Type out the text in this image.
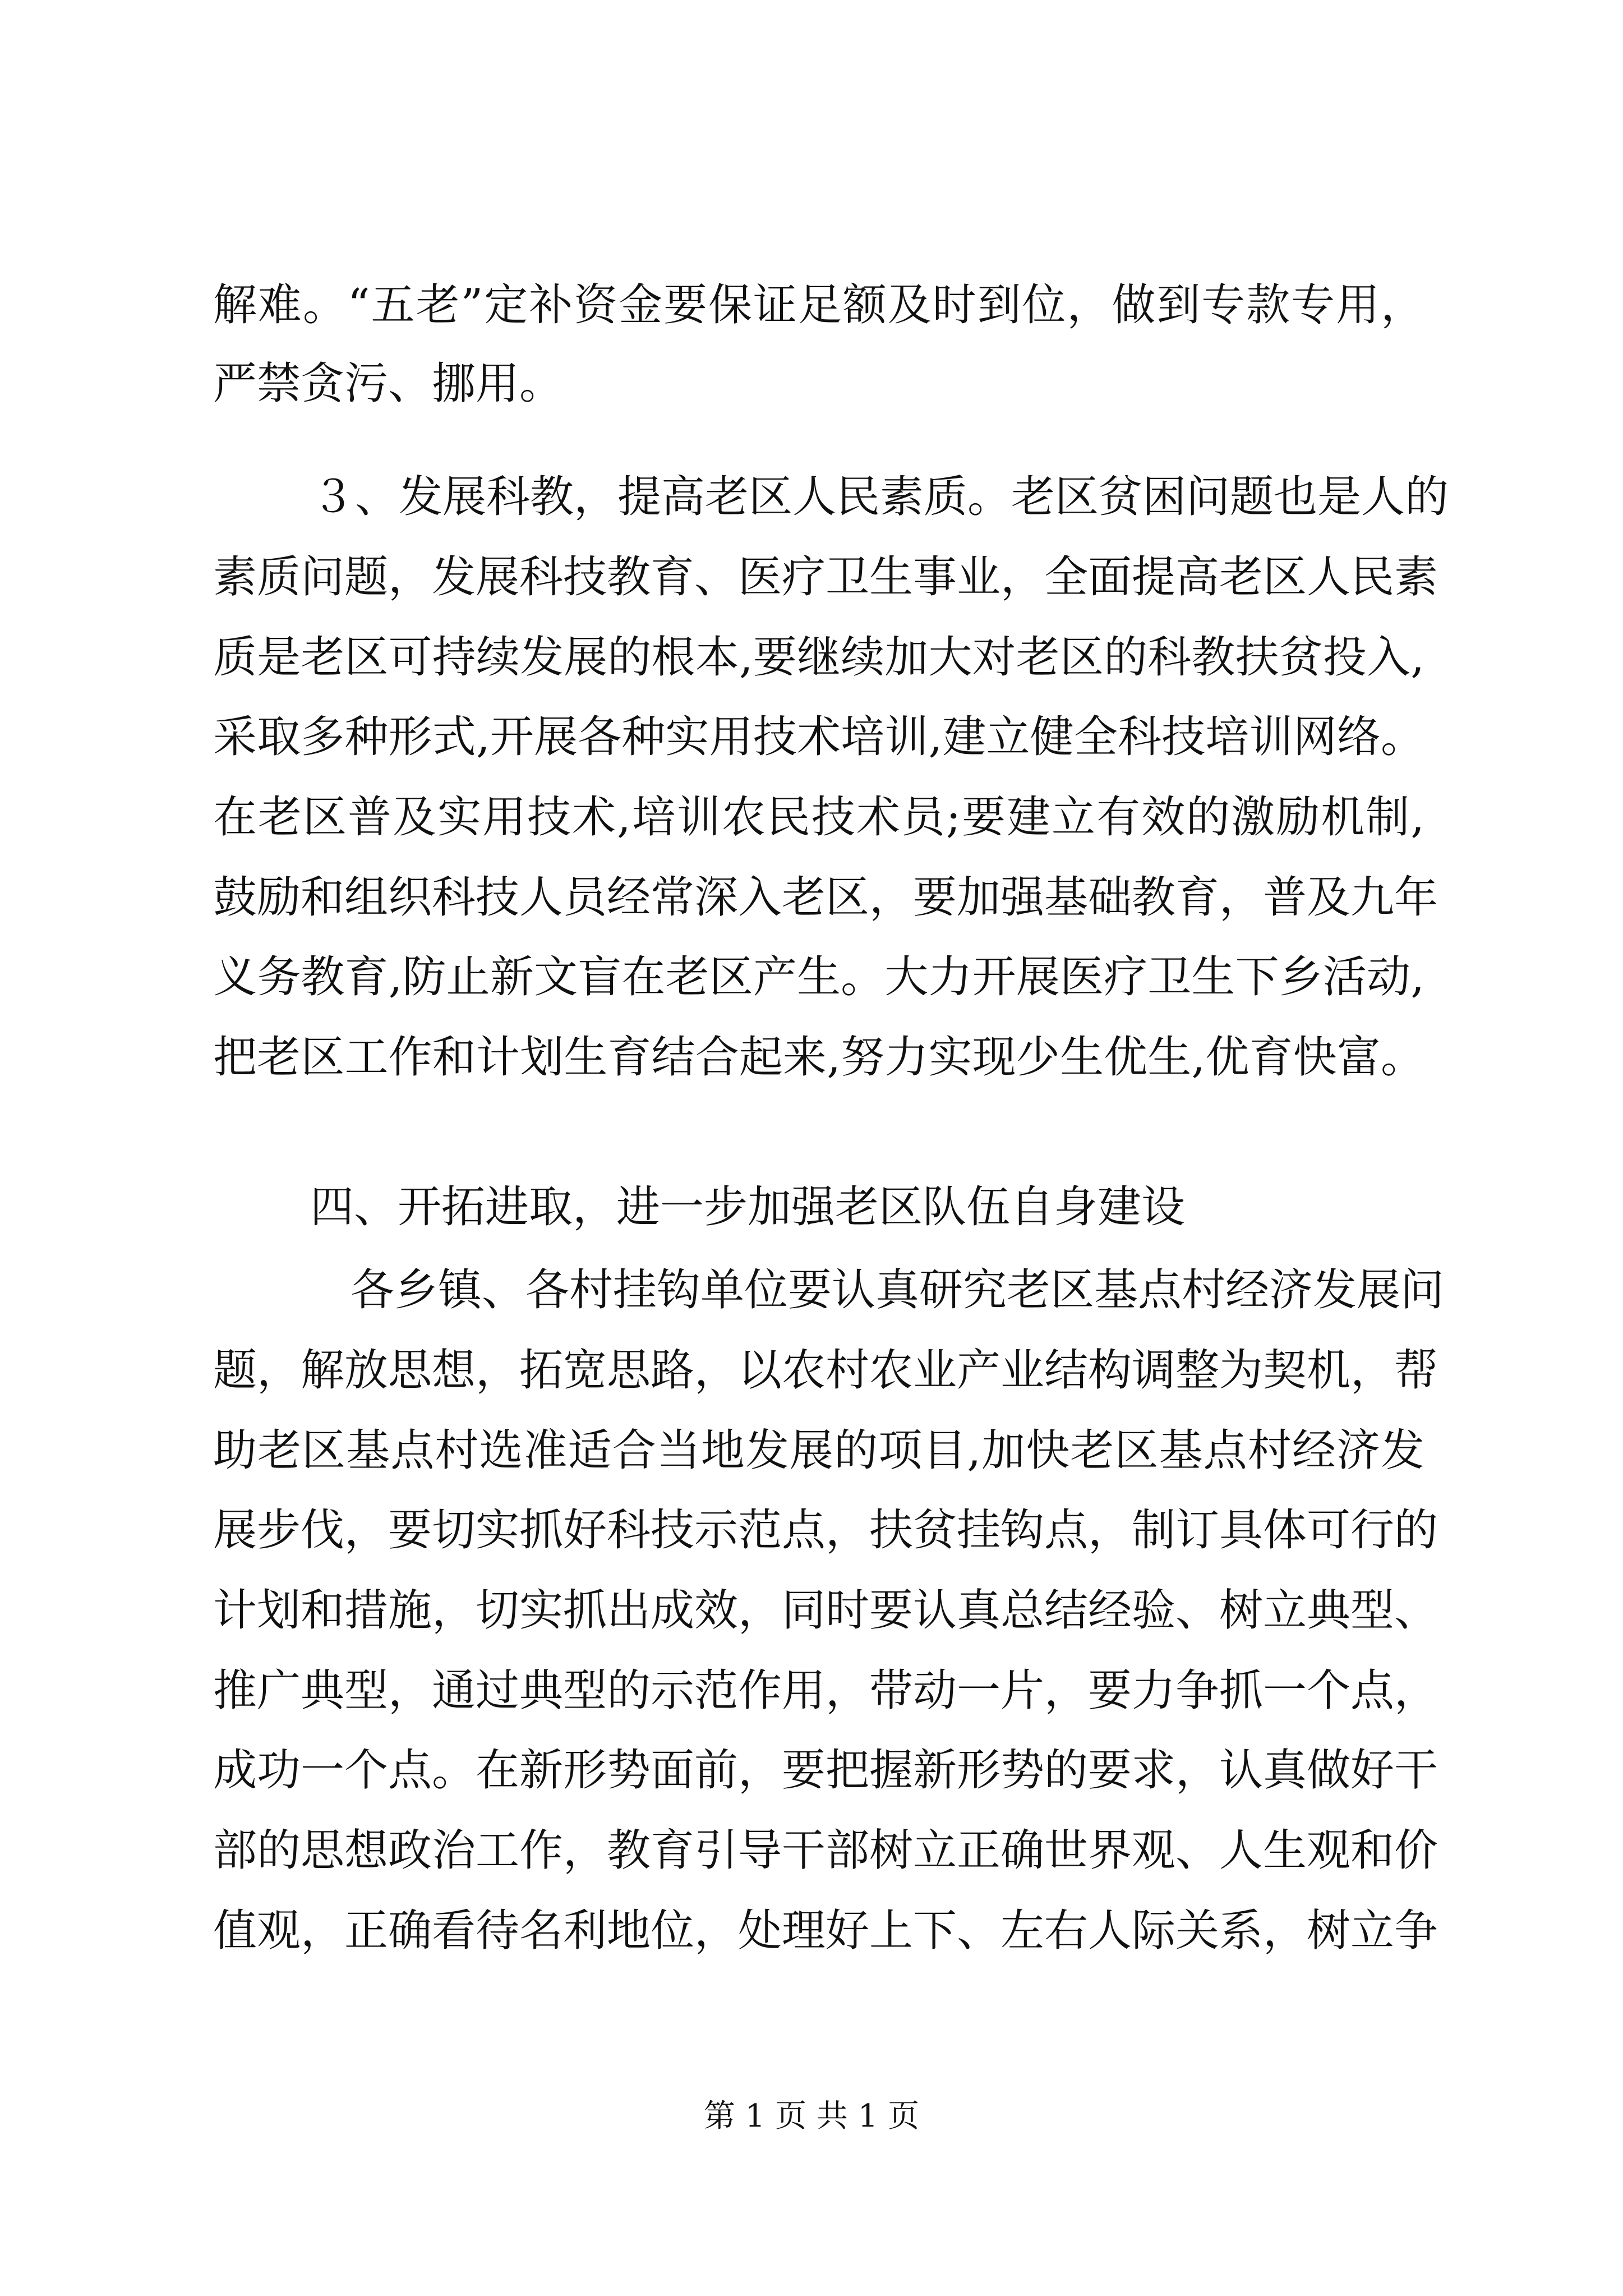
解难。“五老”定补资金要保证足额及时到位，做到专款专用，
严禁贪污、挪用。
３、发展科教，提高老区人民素质。老区贫困问题也是人的
素质问题，发展科技教育、医疗卫生事业，全面提高老区人民素
质是老区可持续发展的根本,要继续加大对老区的科教扶贫投入,
采取多种形式,开展各种实用技术培训,建立健全科技培训网络。
在老区普及实用技术,培训农民技术员;要建立有效的激励机制,
鼓励和组织科技人员经常深入老区，要加强基础教育，普及九年
义务教育,防止新文盲在老区产生。大力开展医疗卫生下乡活动,
把老区工作和计划生育结合起来,努力实现少生优生,优育快富。
四、开拓进取，进一步加强老区队伍自身建设
各乡镇、各村挂钩单位要认真研究老区基点村经济发展问
题，解放思想，拓宽思路，以农村农业产业结构调整为契机，帮
助老区基点村选准适合当地发展的项目,加快老区基点村经济发
展步伐，要切实抓好科技示范点，扶贫挂钩点，制订具体可行的
计划和措施，切实抓出成效，同时要认真总结经验、树立典型、
推广典型，通过典型的示范作用，带动一片，要力争抓一个点，
成功一个点。在新形势面前，要把握新形势的要求，认真做好干
部的思想政治工作，教育引导干部树立正确世界观、人生观和价
值观，正确看待名利地位，处理好上下、左右人际关系，树立争
第 1 页 共 1 页
